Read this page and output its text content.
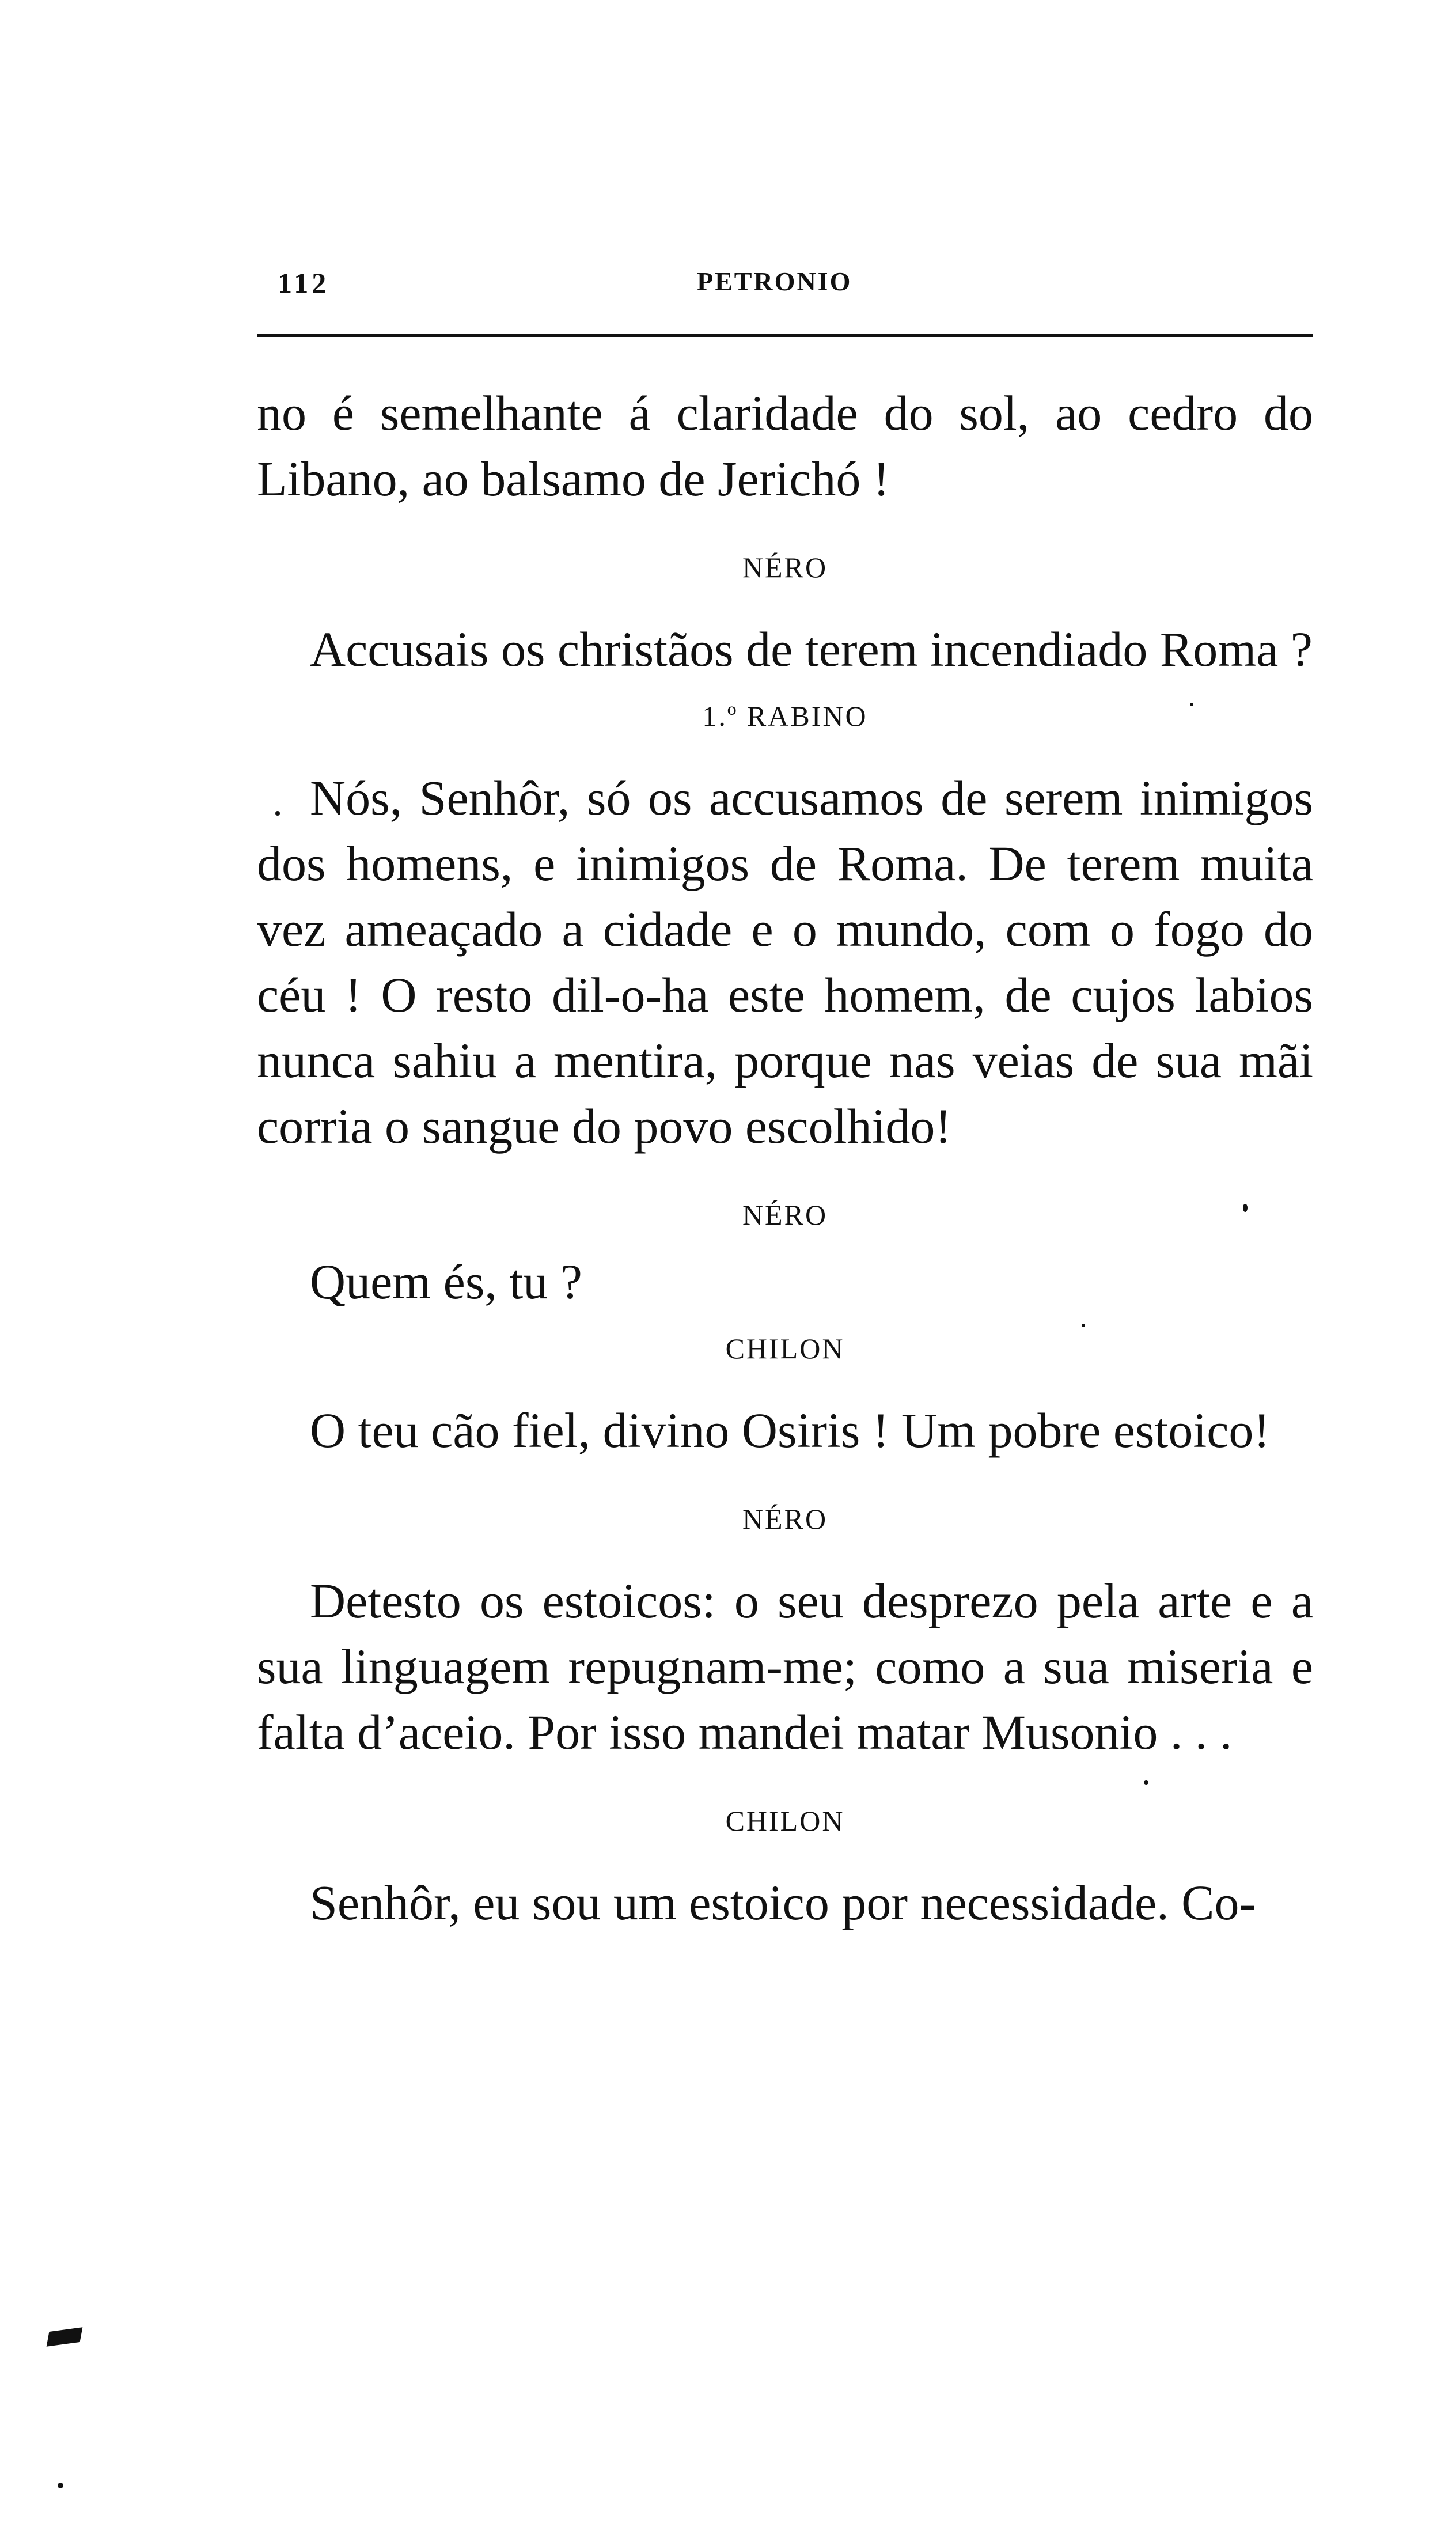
112	PETRONIO

no é semelhante á claridade do sol, ao cedro do Libano, ao balsamo de Jerichó !

NÉRO

Accusais os christãos de terem incendiado Roma ?

1.º RABINO

Nós, Senhôr, só os accusamos de serem inimigos dos homens, e inimigos de Roma. De terem muita vez ameaçado a cidade e o mundo, com o fogo do céu ! O resto dil-o-ha este homem, de cujos labios nunca sahiu a mentira, porque nas veias de sua mãi corria o sangue do povo escolhido!

NÉRO

Quem és, tu ?

CHILON

O teu cão fiel, divino Osiris ! Um pobre estoico!

NÉRO

Detesto os estoicos: o seu desprezo pela arte e a sua linguagem repugnam-me; como a sua miseria e falta d’aceio. Por isso mandei matar Musonio . . .

CHILON

Senhôr, eu sou um estoico por necessidade. Co-
